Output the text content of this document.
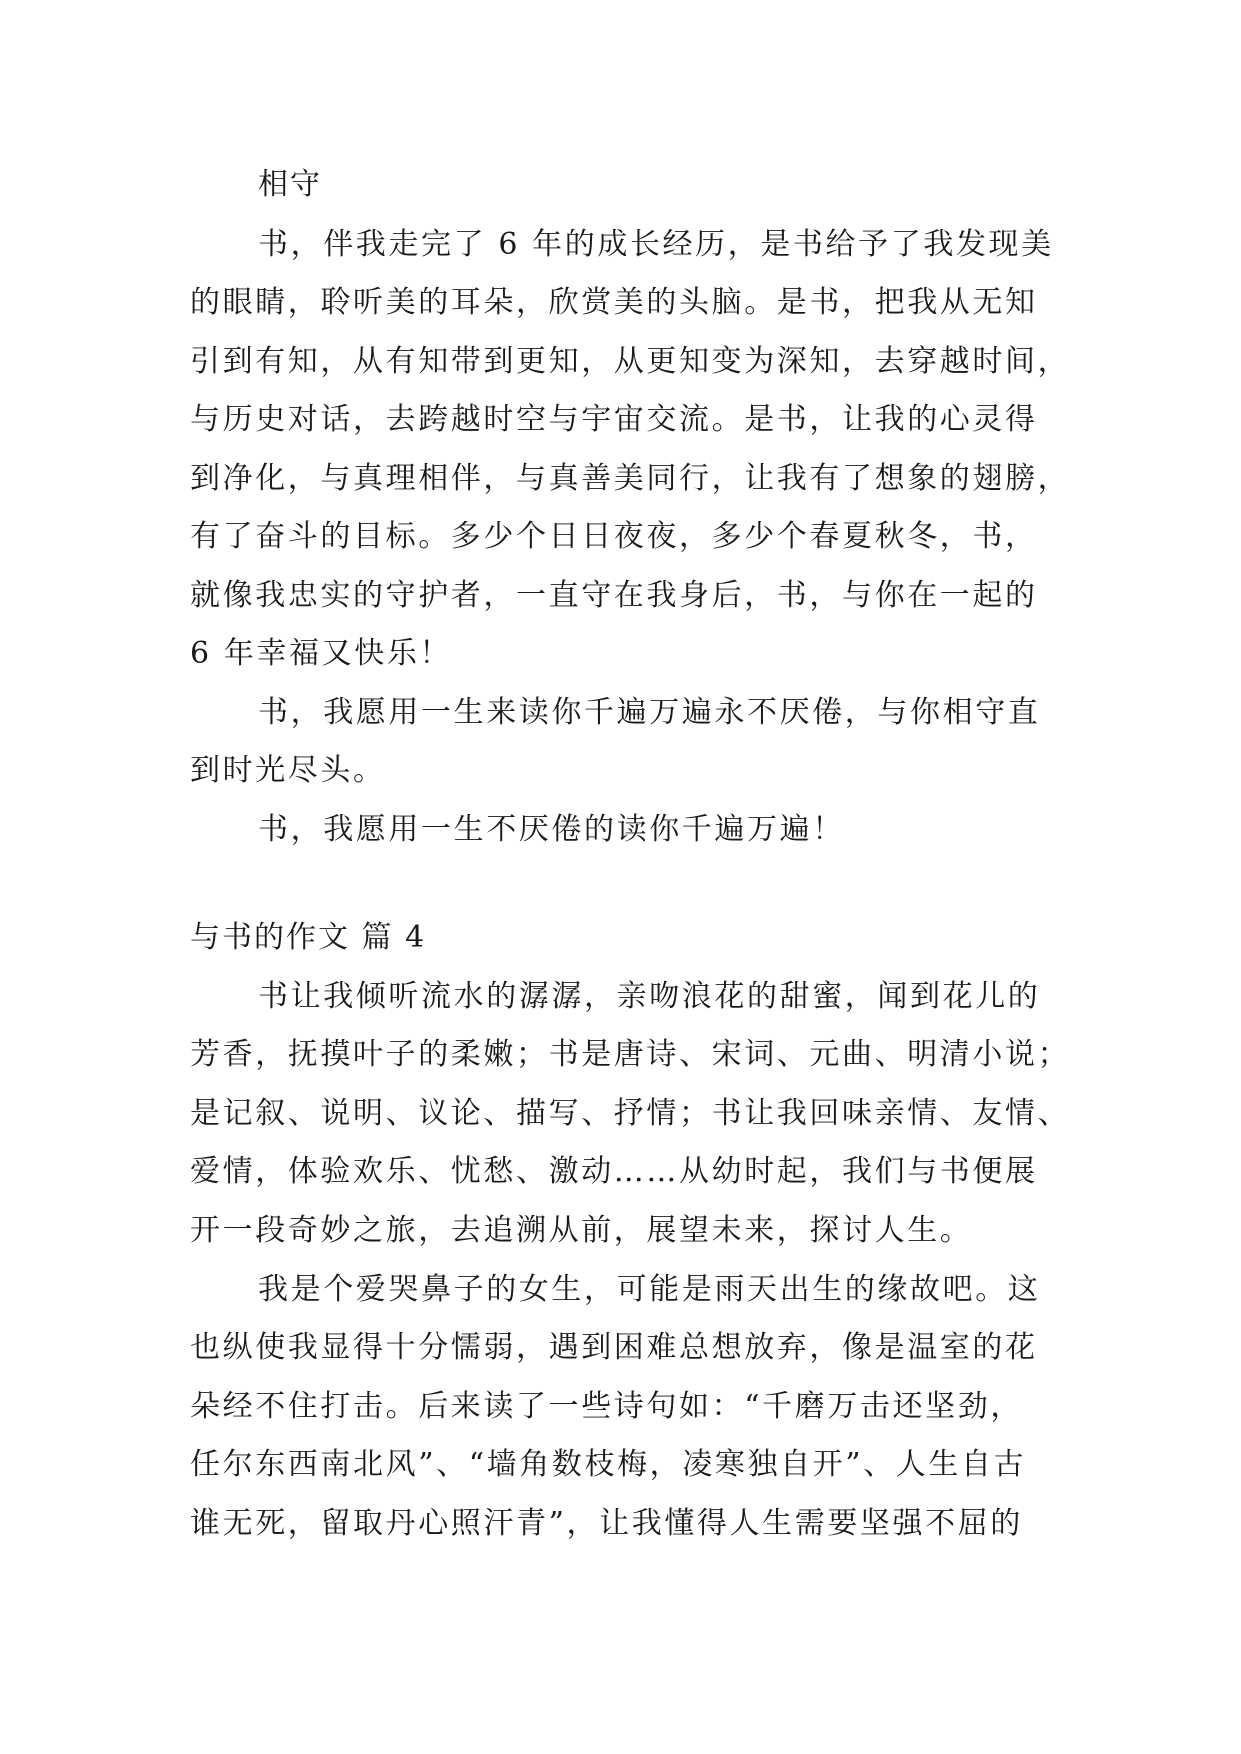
相守
书，伴我走完了 6 年的成长经历，是书给予了我发现美
的眼睛，聆听美的耳朵，欣赏美的头脑。是书，把我从无知
引到有知，从有知带到更知，从更知变为深知，去穿越时间，
与历史对话，去跨越时空与宇宙交流。是书，让我的心灵得
到净化，与真理相伴，与真善美同行，让我有了想象的翅膀，
有了奋斗的目标。多少个日日夜夜，多少个春夏秋冬，书，
就像我忠实的守护者，一直守在我身后，书，与你在一起的
6 年幸福又快乐！
书，我愿用一生来读你千遍万遍永不厌倦，与你相守直
到时光尽头。
书，我愿用一生不厌倦的读你千遍万遍！
与书的作文 篇 4
书让我倾听流水的潺潺，亲吻浪花的甜蜜，闻到花儿的
芳香，抚摸叶子的柔嫩；书是唐诗、宋词、元曲、明清小说；
是记叙、说明、议论、描写、抒情；书让我回味亲情、友情、
爱情，体验欢乐、忧愁、激动……从幼时起，我们与书便展
开一段奇妙之旅，去追溯从前，展望未来，探讨人生。
我是个爱哭鼻子的女生，可能是雨天出生的缘故吧。这
也纵使我显得十分懦弱，遇到困难总想放弃，像是温室的花
朵经不住打击。后来读了一些诗句如：“千磨万击还坚劲，
任尔东西南北风”、“墙角数枝梅，凌寒独自开”、人生自古
谁无死，留取丹心照汗青”，让我懂得人生需要坚强不屈的
